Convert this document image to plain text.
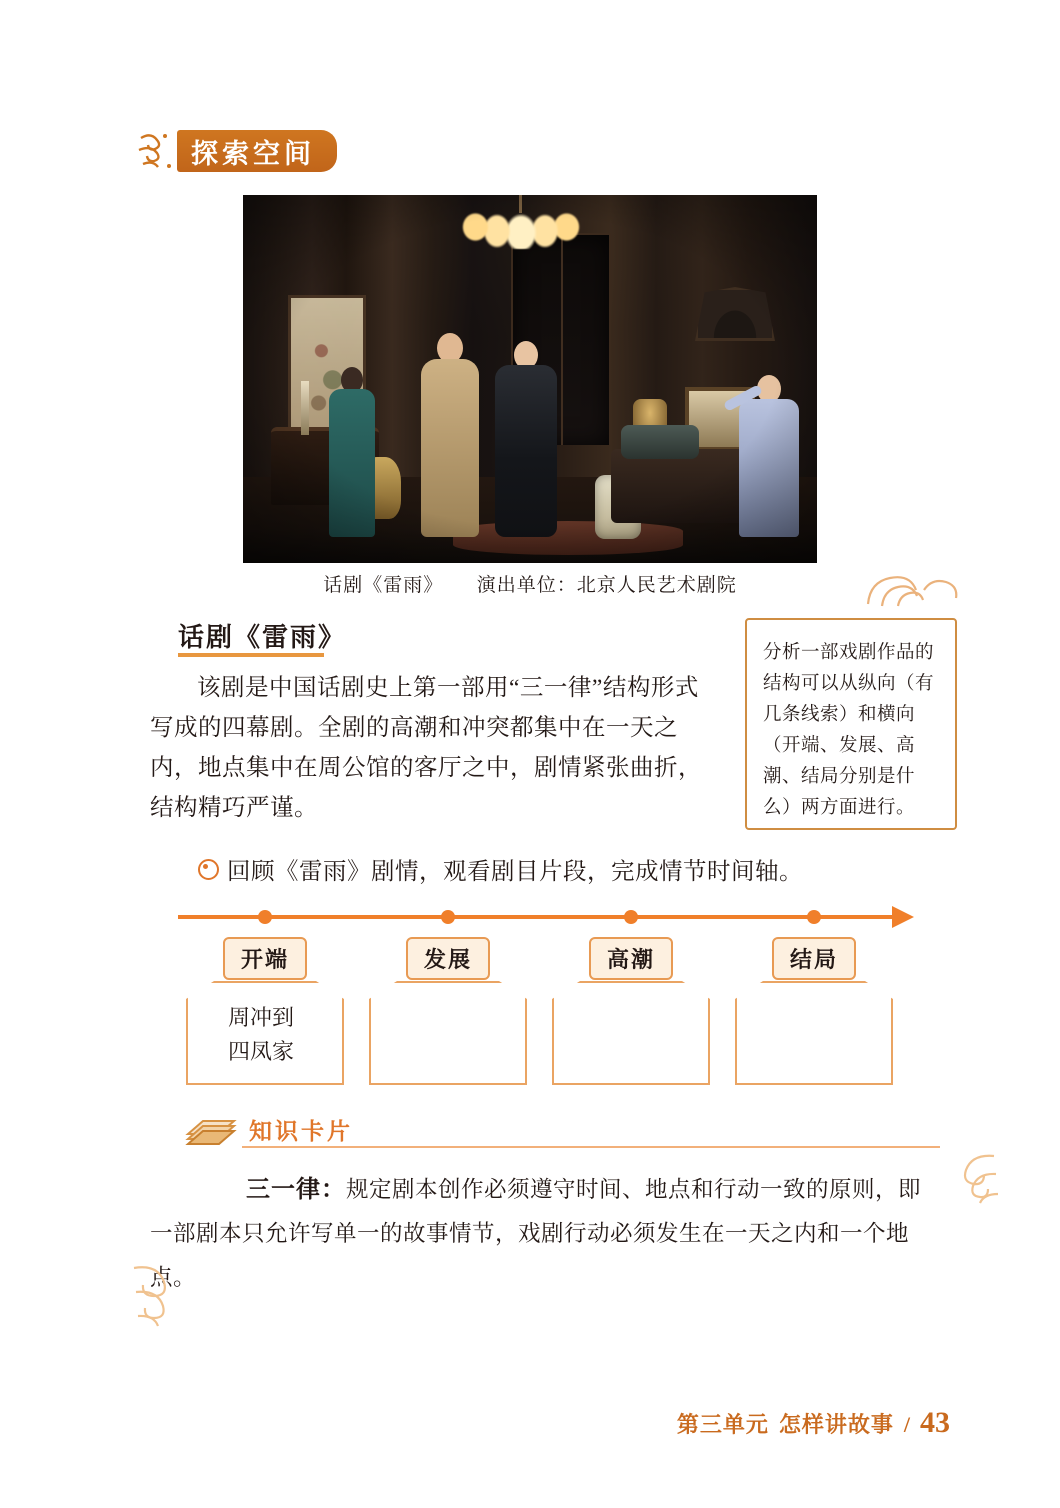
探索空间
话剧《雷雨》 演出单位：北京人民艺术剧院
话剧《雷雨》
该剧是中国话剧史上第一部用“三一律”结构形式写成的四幕剧。全剧的高潮和冲突都集中在一天之内，地点集中在周公馆的客厅之中，剧情紧张曲折，结构精巧严谨。
分析一部戏剧作品的结构可以从纵向（有几条线索）和横向（开端、发展、高潮、结局分别是什么）两方面进行。
回顾《雷雨》剧情，观看剧目片段，完成情节时间轴。
开端	发展	高潮	结局
周冲到
四凤家
知识卡片
三一律：规定剧本创作必须遵守时间、地点和行动一致的原则，即一部剧本只允许写单一的故事情节，戏剧行动必须发生在一天之内和一个地点。
第三单元 怎样讲故事 / 43
